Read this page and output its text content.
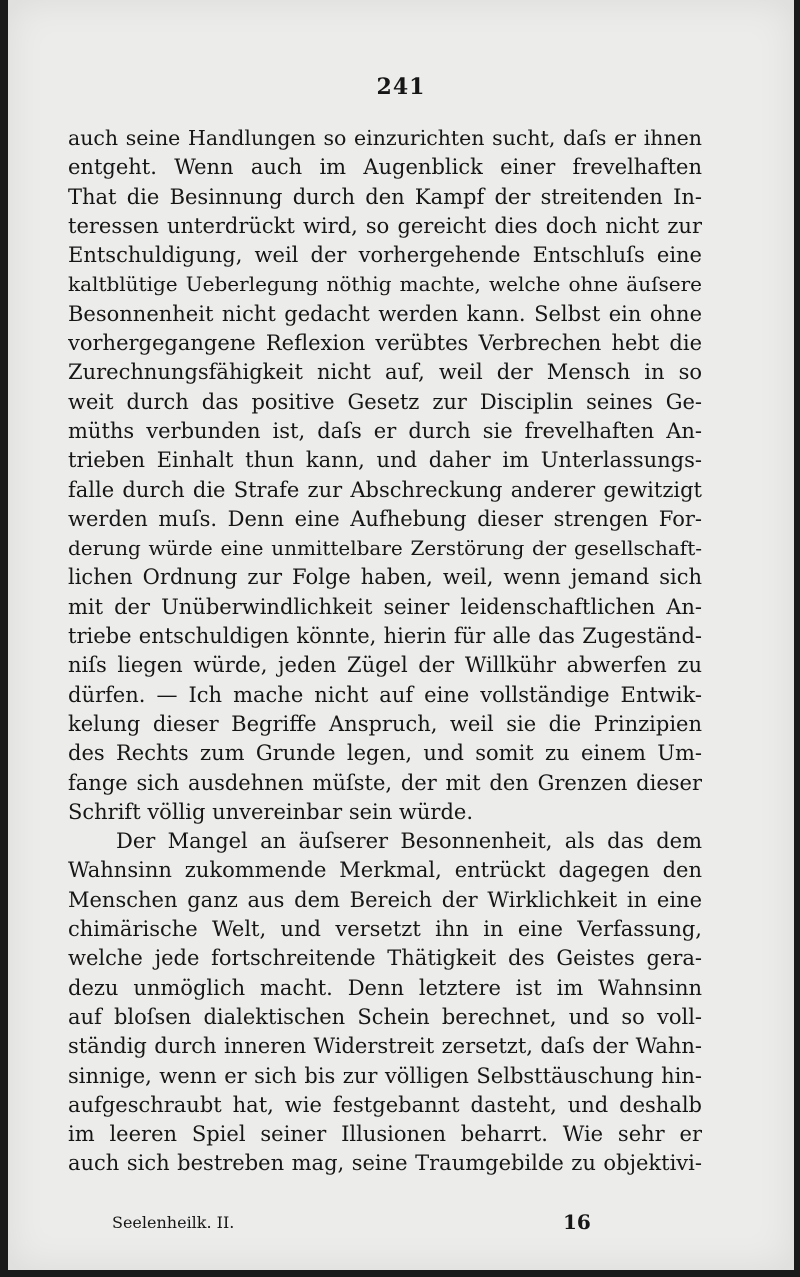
241
auch seine Handlungen so einzurichten sucht, daſs er ihnen
entgeht. Wenn auch im Augenblick einer frevelhaften
That die Besinnung durch den Kampf der streitenden In-
teressen unterdrückt wird, so gereicht dies doch nicht zur
Entschuldigung, weil der vorhergehende Entschluſs eine
kaltblütige Ueberlegung nöthig machte, welche ohne äuſsere
Besonnenheit nicht gedacht werden kann. Selbst ein ohne
vorhergegangene Reflexion verübtes Verbrechen hebt die
Zurechnungsfähigkeit nicht auf, weil der Mensch in so
weit durch das positive Gesetz zur Disciplin seines Ge-
müths verbunden ist, daſs er durch sie frevelhaften An-
trieben Einhalt thun kann, und daher im Unterlassungs-
falle durch die Strafe zur Abschreckung anderer gewitzigt
werden muſs. Denn eine Aufhebung dieser strengen For-
derung würde eine unmittelbare Zerstörung der gesellschaft-
lichen Ordnung zur Folge haben, weil, wenn jemand sich
mit der Unüberwindlichkeit seiner leidenschaftlichen An-
triebe entschuldigen könnte, hierin für alle das Zugeständ-
niſs liegen würde, jeden Zügel der Willkühr abwerfen zu
dürfen. — Ich mache nicht auf eine vollständige Entwik-
kelung dieser Begriffe Anspruch, weil sie die Prinzipien
des Rechts zum Grunde legen, und somit zu einem Um-
fange sich ausdehnen müſste, der mit den Grenzen dieser
Schrift völlig unvereinbar sein würde.
Der Mangel an äuſserer Besonnenheit, als das dem
Wahnsinn zukommende Merkmal, entrückt dagegen den
Menschen ganz aus dem Bereich der Wirklichkeit in eine
chimärische Welt, und versetzt ihn in eine Verfassung,
welche jede fortschreitende Thätigkeit des Geistes gera-
dezu unmöglich macht. Denn letztere ist im Wahnsinn
auf bloſsen dialektischen Schein berechnet, und so voll-
ständig durch inneren Widerstreit zersetzt, daſs der Wahn-
sinnige, wenn er sich bis zur völligen Selbsttäuschung hin-
aufgeschraubt hat, wie festgebannt dasteht, und deshalb
im leeren Spiel seiner Illusionen beharrt. Wie sehr er
auch sich bestreben mag, seine Traumgebilde zu objektivi-
Seelenheilk. II.	16
